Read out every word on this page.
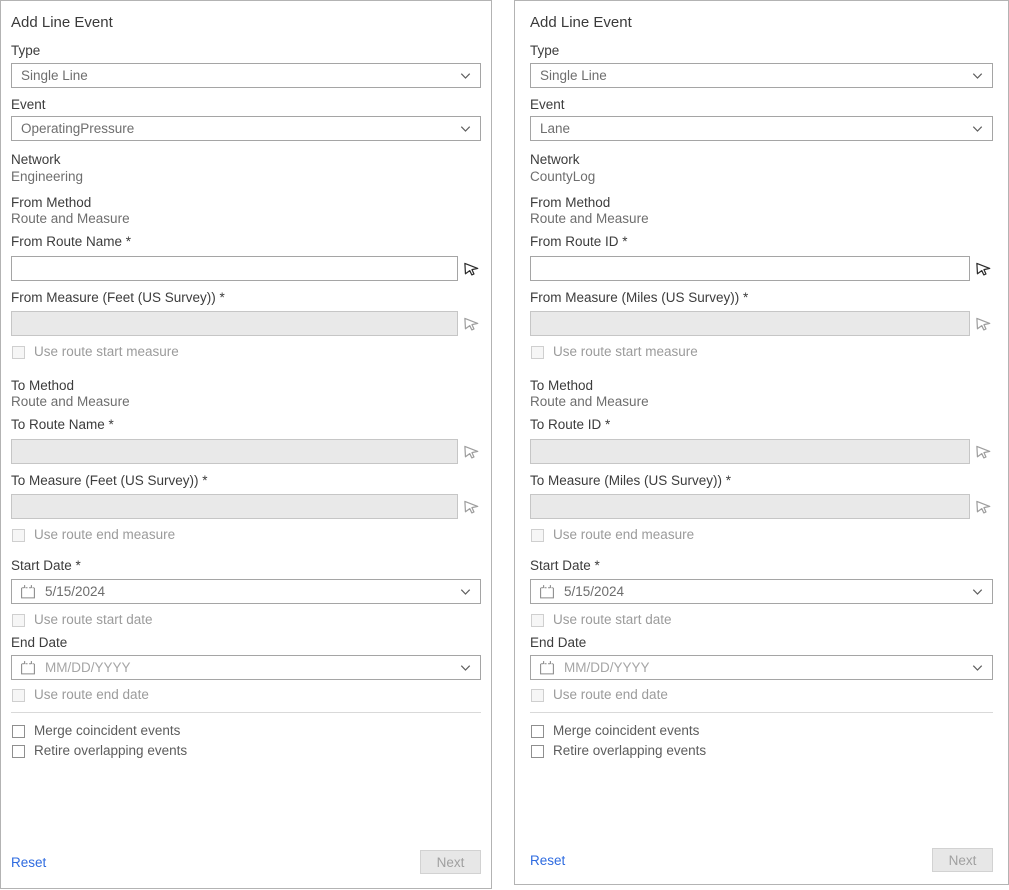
Add Line Event
Type
Single Line
Event
OperatingPressure
Network
Engineering
From Method
Route and Measure
From Route Name *
From Measure (Feet (US Survey)) *
Use route start measure
To Method
Route and Measure
To Route Name *
To Measure (Feet (US Survey)) *
Use route end measure
Start Date *
5/15/2024
Use route start date
End Date
MM/DD/YYYY
Use route end date
Merge coincident events
Retire overlapping events
Reset	Next
Add Line Event
Type
Single Line
Event
Lane
Network
CountyLog
From Method
Route and Measure
From Route ID *
From Measure (Miles (US Survey)) *
Use route start measure
To Method
Route and Measure
To Route ID *
To Measure (Miles (US Survey)) *
Use route end measure
Start Date *
5/15/2024
Use route start date
End Date
MM/DD/YYYY
Use route end date
Merge coincident events
Retire overlapping events
Reset	Next
